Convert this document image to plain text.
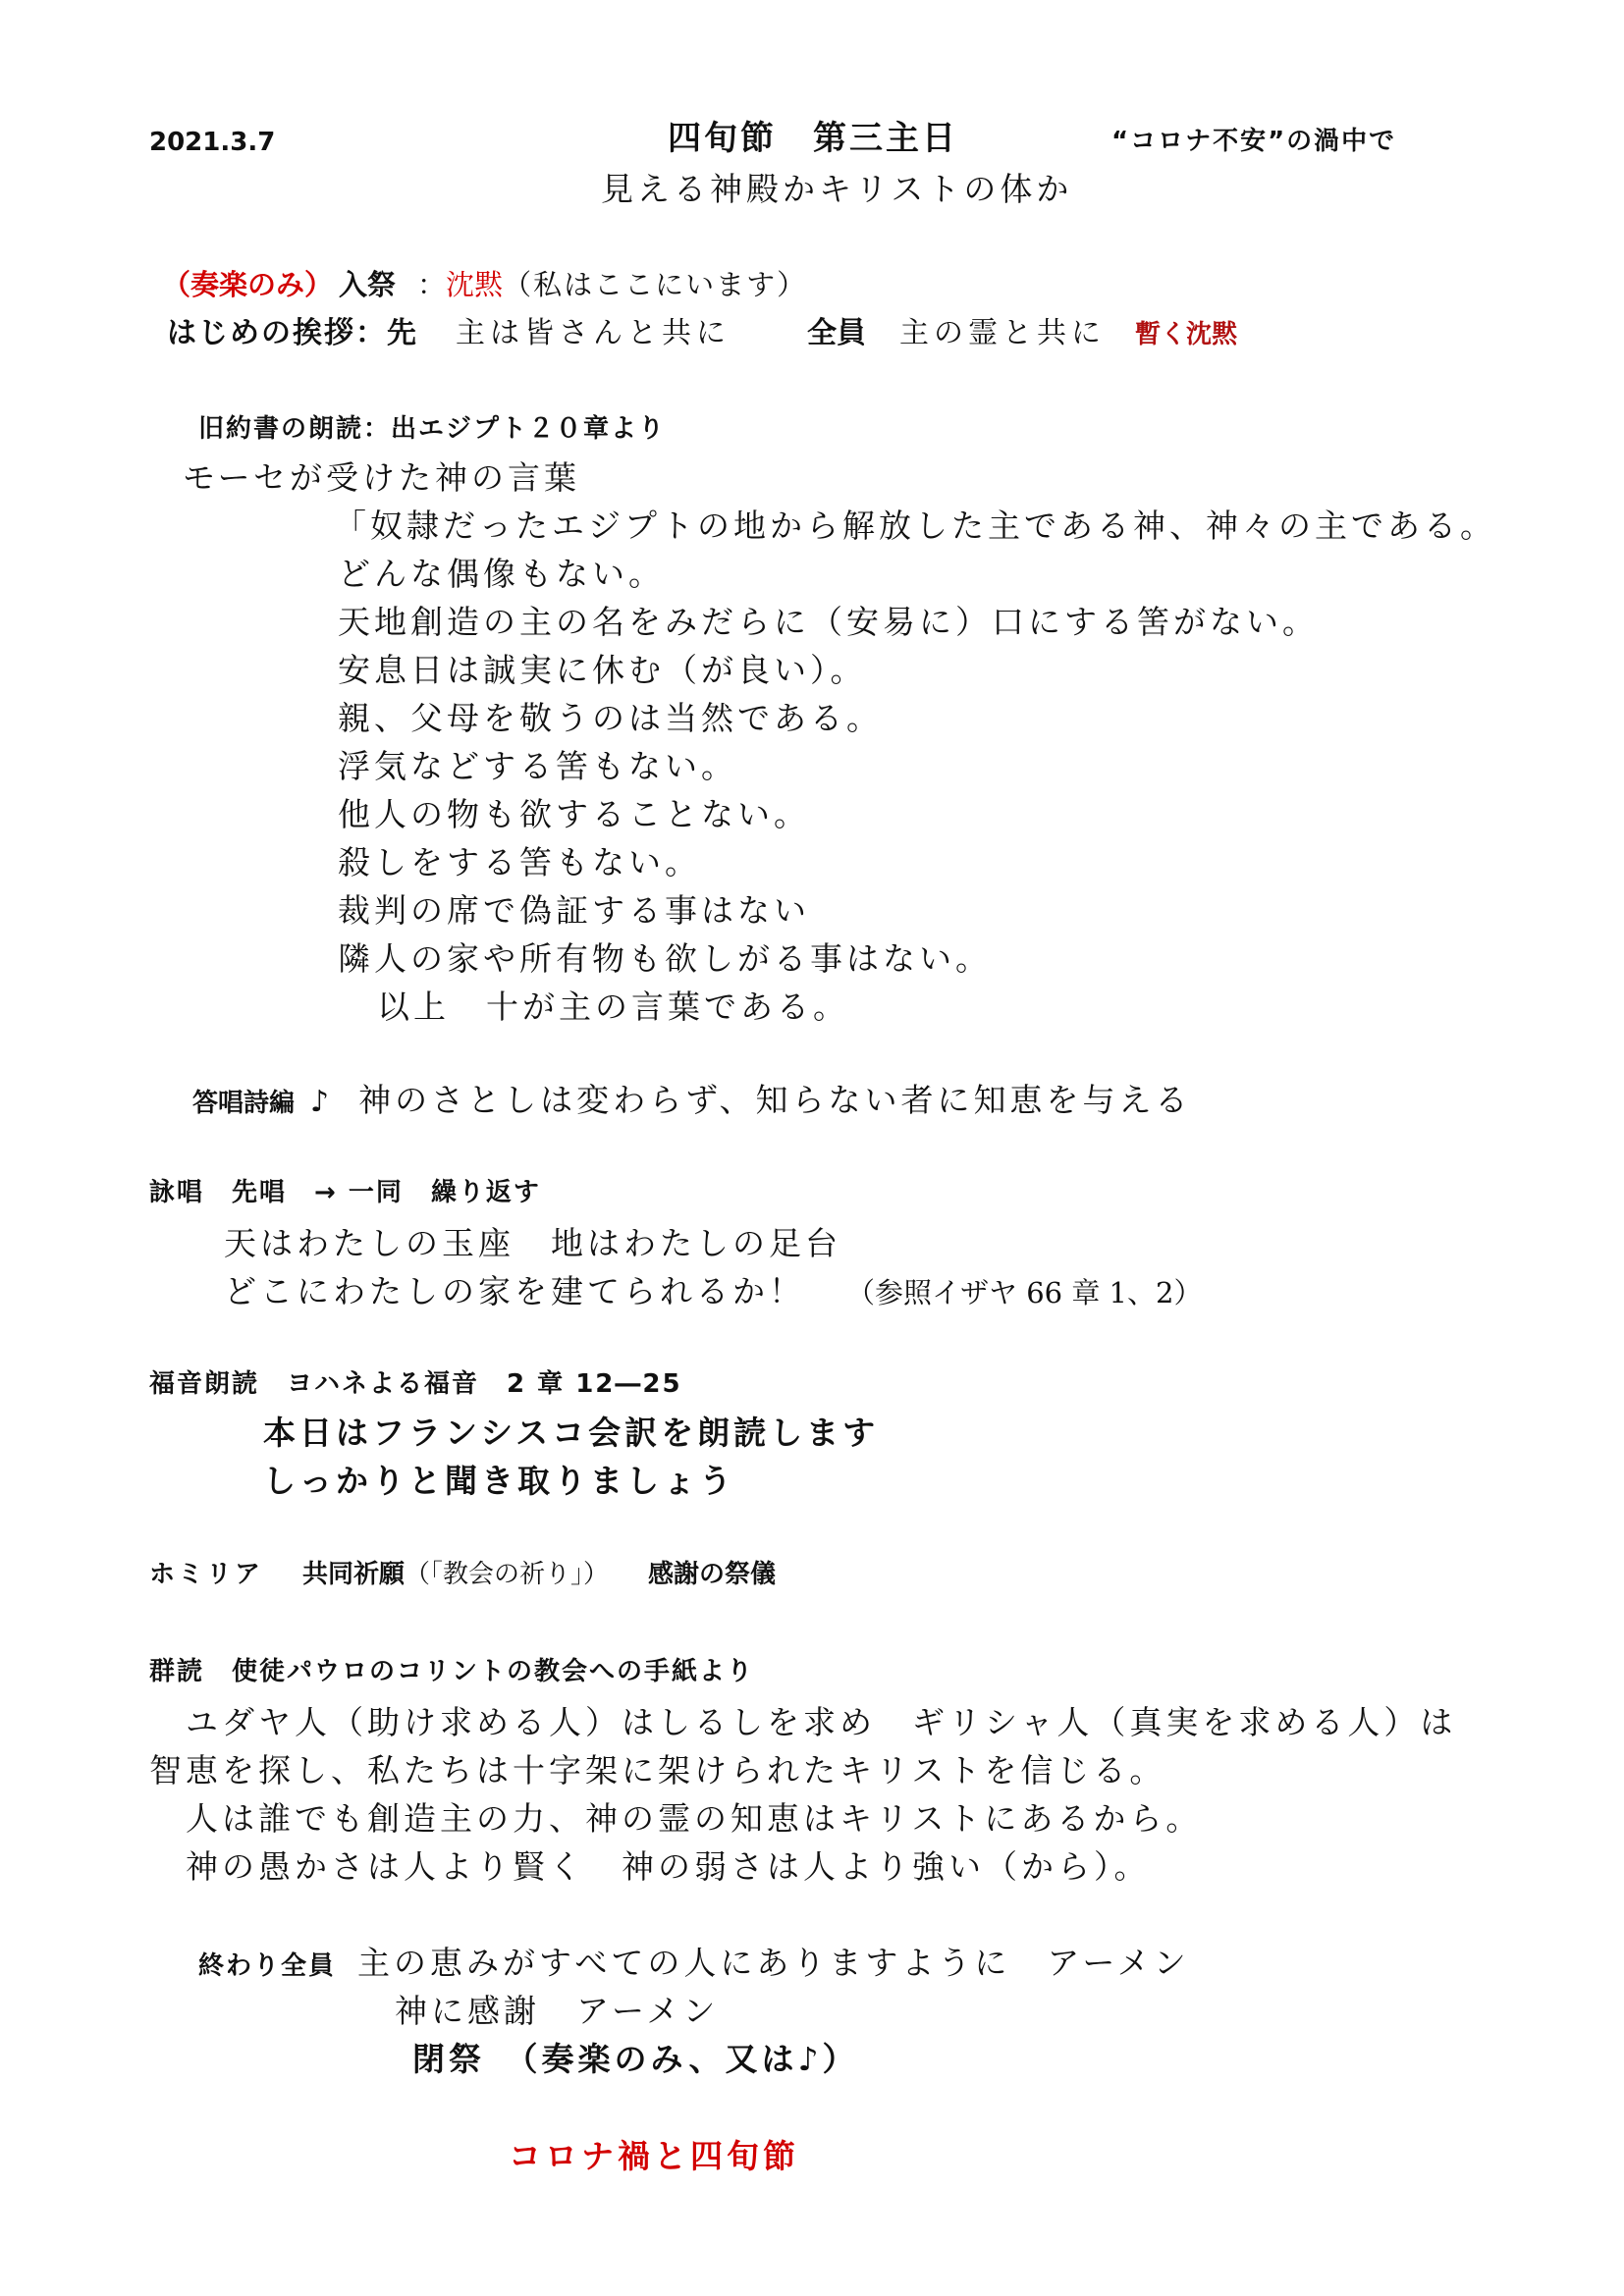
2021.3.7	四旬節　第三主日	“コロナ不安”の渦中で
見える神殿かキリストの体か
（奏楽のみ） 入祭 ：沈黙（私はここにいます）
はじめの挨拶：先 主は皆さんと共に	全員 主の霊と共に 暫く沈黙
旧約書の朗読：出エジプト２０章より
モーセが受けた神の言葉
「奴隷だったエジプトの地から解放した主である神、神々の主である。
どんな偶像もない。
天地創造の主の名をみだらに（安易に）口にする筈がない。
安息日は誠実に休む（が良い）。
親、父母を敬うのは当然である。
浮気などする筈もない。
他人の物も欲することない。
殺しをする筈もない。
裁判の席で偽証する事はない
隣人の家や所有物も欲しがる事はない。
以上　十が主の言葉である。
答唱詩編 ♪ 神のさとしは変わらず、知らない者に知恵を与える
詠唱　先唱　→ 一同　繰り返す
天はわたしの玉座　地はわたしの足台
どこにわたしの家を建てられるか！ （参照イザヤ 66 章 1、2）
福音朗読　ヨハネよる福音　2 章 12―25
本日はフランシスコ会訳を朗読します
しっかりと聞き取りましょう
ホミリア 共同祈願（「教会の祈り」） 感謝の祭儀
群読　使徒パウロのコリントの教会への手紙より
　ユダヤ人（助け求める人）はしるしを求め　ギリシャ人（真実を求める人）は
智恵を探し、私たちは十字架に架けられたキリストを信じる。
　人は誰でも創造主の力、神の霊の知恵はキリストにあるから。
　神の愚かさは人より賢く　神の弱さは人より強い（から）。
終わり全員 主の恵みがすべての人にありますように　アーメン
神に感謝　アーメン
閉祭　（奏楽のみ、又は♪）
コロナ禍と四旬節
